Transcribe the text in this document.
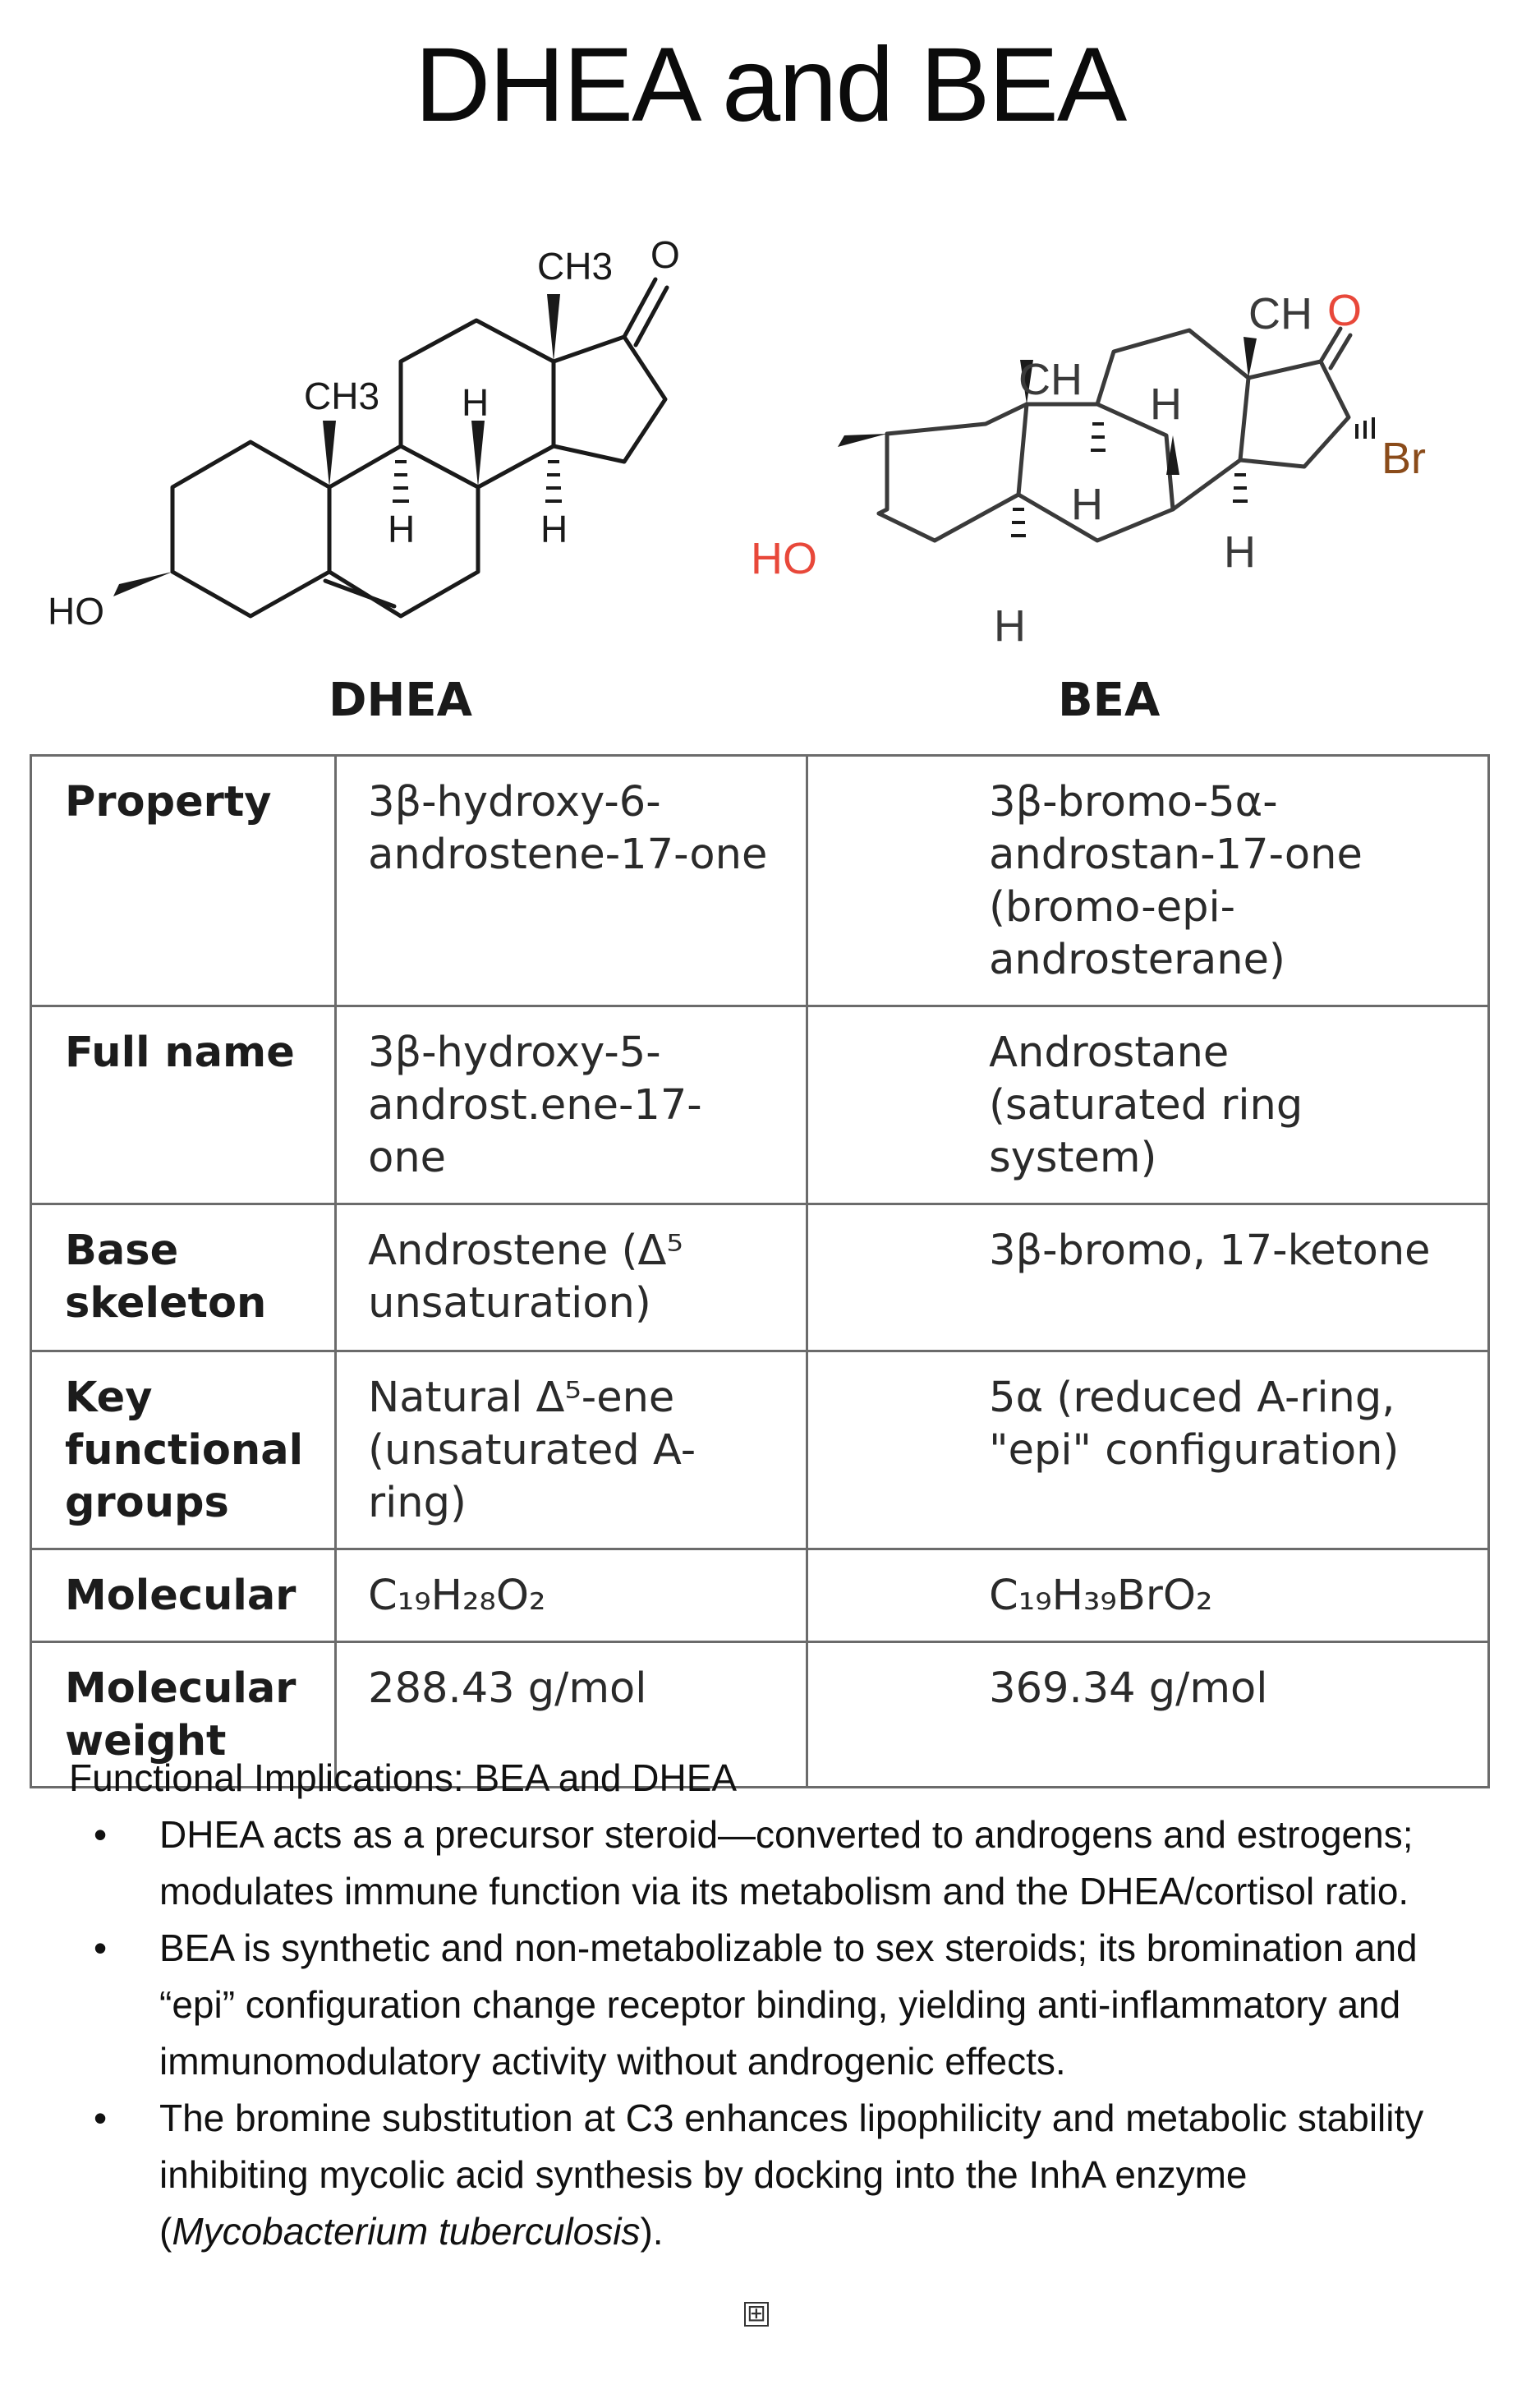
DHEA and BEA
CH3
CH3 O
HO
H
H	H
CH
CH O
HO
Br
H
H
H
H
DHEA	BEA
Property	3β-hydroxy-6-androstene-17-one	3β-bromo-5α-androstan-17-one (bromo-epi-androsterane)
Full name	3β-hydroxy-5-androst.ene-17-one	Androstane (saturated ring system)
Base skeleton	Androstene (Δ⁵ unsaturation)	3β-bromo, 17-ketone
Key functional groups	Natural Δ⁵-ene (unsaturated A-ring)	5α (reduced A-ring, "epi" configuration)
Molecular	C₁₉H₂₈O₂	C₁₉H₃₉BrO₂
Molecular weight	288.43 g/mol	369.34 g/mol

Functional Implications: BEA and DHEA

• DHEA acts as a precursor steroid—converted to androgens and estrogens; modulates immune function via its metabolism and the DHEA/cortisol ratio.
• BEA is synthetic and non-metabolizable to sex steroids; its bromination and “epi” configuration change receptor binding, yielding anti-inflammatory and immunomodulatory activity without androgenic effects.
• The bromine substitution at C3 enhances lipophilicity and metabolic stability inhibiting mycolic acid synthesis by docking into the InhA enzyme (Mycobacterium tuberculosis).
⊞
